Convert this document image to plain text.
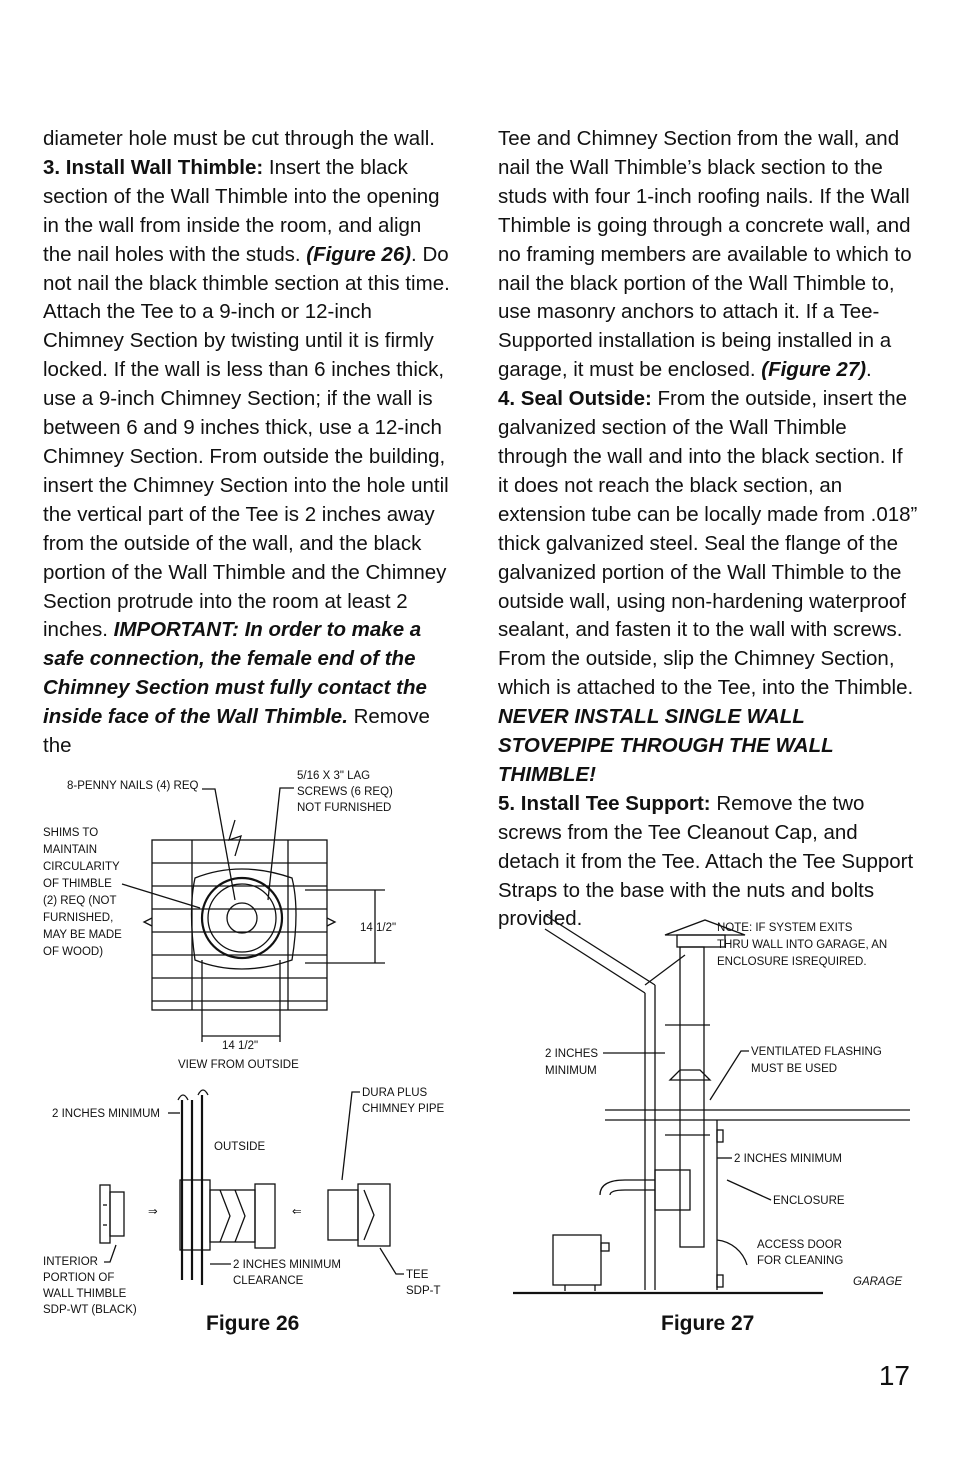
diameter hole must be cut through the wall.
3. Install Wall Thimble: Insert the black section of the Wall Thimble into the opening in the wall from inside the room, and align the nail holes with the studs. (Figure 26). Do not nail the black thimble section at this time. Attach the Tee to a 9-inch or 12-inch Chimney Section by twisting until it is firmly locked. If the wall is less than 6 inches thick, use a 9-inch Chimney Section; if the wall is between 6 and 9 inches thick, use a 12-inch Chimney Section. From outside the building, insert the Chimney Section into the hole until the vertical part of the Tee is 2 inches away from the outside of the wall, and the black portion of the Wall Thimble and the Chimney Section protrude into the room at least 2 inches. IMPORTANT: In order to make a safe connection, the female end of the Chimney Section must fully contact the inside face of the Wall Thimble. Remove the

Tee and Chimney Section from the wall, and nail the Wall Thimble’s black section to the studs with four 1-inch roofing nails. If the Wall Thimble is going through a concrete wall, and no framing members are available to which to nail the black portion of the Wall Thimble to, use masonry anchors to attach it. If a Tee-Supported installation is being installed in a garage, it must be enclosed. (Figure 27).
4. Seal Outside: From the outside, insert the galvanized section of the Wall Thimble through the wall and into the black section. If it does not reach the black section, an extension tube can be locally made from .018” thick galvanized steel. Seal the flange of the galvanized portion of the Wall Thimble to the outside wall, using non-hardening waterproof sealant, and fasten it to the wall with screws. From the outside, slip the Chimney Section, which is attached to the Tee, into the Thimble.
NEVER INSTALL SINGLE WALL STOVEPIPE THROUGH THE WALL THIMBLE!
5. Install Tee Support: Remove the two screws from the Tee Cleanout Cap, and detach it from the Tee. Attach the Tee Support Straps to the base with the nuts and bolts provided.

8-PENNY NAILS (4) REQ
5/16 X 3" LAG
SCREWS (6 REQ)
NOT FURNISHED
SHIMS TO
MAINTAIN
CIRCULARITY
OF THIMBLE
(2) REQ (NOT
FURNISHED,
MAY BE MADE
OF WOOD)
14 1/2"
14 1/2"
VIEW FROM OUTSIDE
2 INCHES MINIMUM
OUTSIDE
DURA PLUS
CHIMNEY PIPE
⇒	⇐
INTERIOR
PORTION OF
WALL THIMBLE
SDP-WT (BLACK)
2 INCHES MINIMUM
CLEARANCE	TEE
SDP-T
Figure 26
NOTE: IF SYSTEM EXITS
THRU WALL INTO GARAGE, AN
ENCLOSURE ISREQUIRED.
2 INCHES
MINIMUM
VENTILATED FLASHING
MUST BE USED
2 INCHES MINIMUM
ENCLOSURE
ACCESS DOOR
FOR CLEANING
GARAGE
Figure 27
17
